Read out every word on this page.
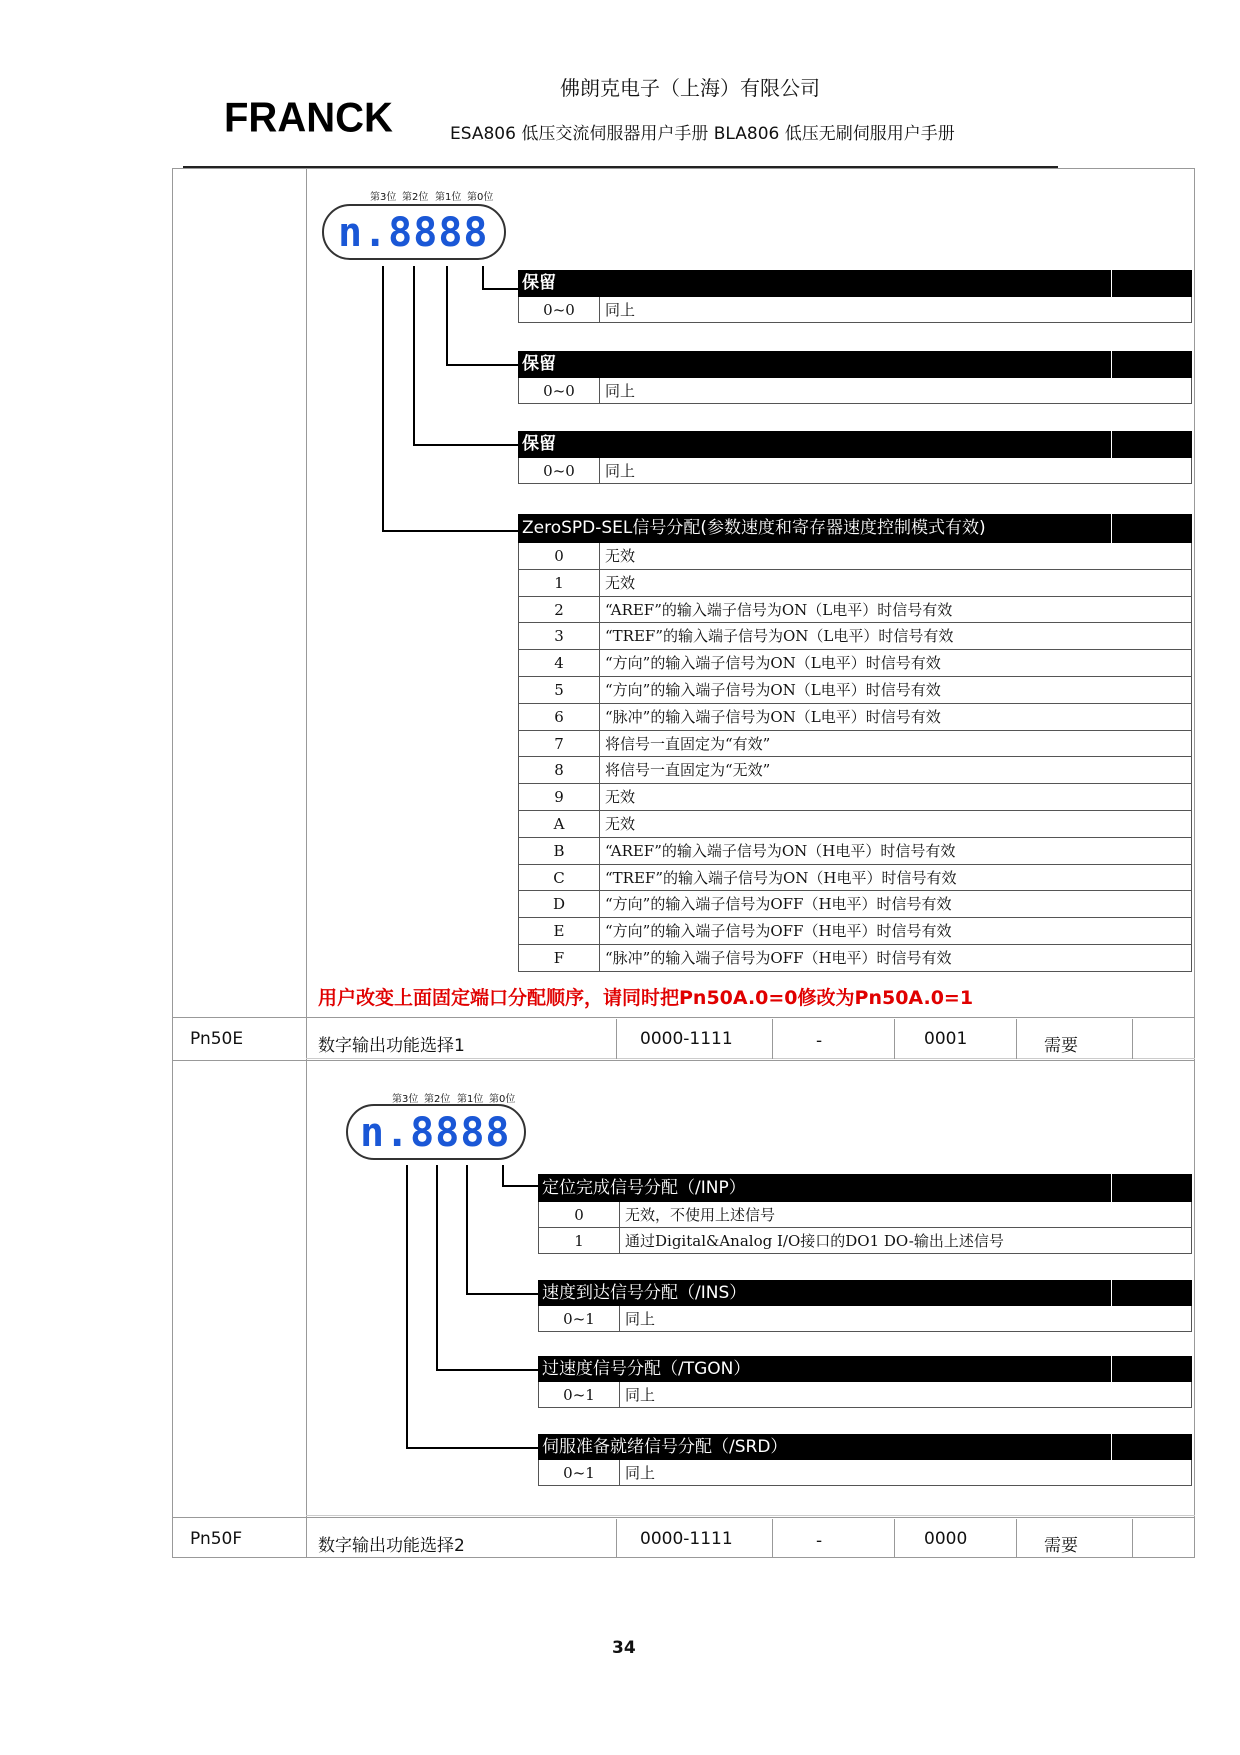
FRANCK
佛朗克电子（上海）有限公司
ESA806 低压交流伺服器用户手册 BLA806 低压无刷伺服用户手册
第3位 第2位 第1位 第0位
n.8888
保留
0~0	同上
保留
0~0	同上
保留
0~0	同上
ZeroSPD-SEL信号分配(参数速度和寄存器速度控制模式有效)
0	无效
1	无效
2	“AREF”的输入端子信号为ON（L电平）时信号有效
3	“TREF”的输入端子信号为ON（L电平）时信号有效
4	“方向”的输入端子信号为ON（L电平）时信号有效
5	“方向”的输入端子信号为ON（L电平）时信号有效
6	“脉冲”的输入端子信号为ON（L电平）时信号有效
7	将信号一直固定为“有效”
8	将信号一直固定为“无效”
9	无效
A	无效
B	“AREF”的输入端子信号为ON（H电平）时信号有效
C	“TREF”的输入端子信号为ON（H电平）时信号有效
D	“方向”的输入端子信号为OFF（H电平）时信号有效
E	“方向”的输入端子信号为OFF（H电平）时信号有效
F	“脉冲”的输入端子信号为OFF（H电平）时信号有效
用户改变上面固定端口分配顺序，请同时把Pn50A.0=0修改为Pn50A.0=1
Pn50E	数字输出功能选择1	0000-1111	-	0001	需要
第3位 第2位 第1位 第0位
n.8888
定位完成信号分配（/INP）
0	无效，不使用上述信号
1	通过Digital&Analog I/O接口的DO1 DO-输出上述信号
速度到达信号分配（/INS）
0~1	同上
过速度信号分配（/TGON）
0~1	同上
伺服准备就绪信号分配（/SRD）
0~1	同上
Pn50F	数字输出功能选择2	0000-1111	-	0000	需要
34
